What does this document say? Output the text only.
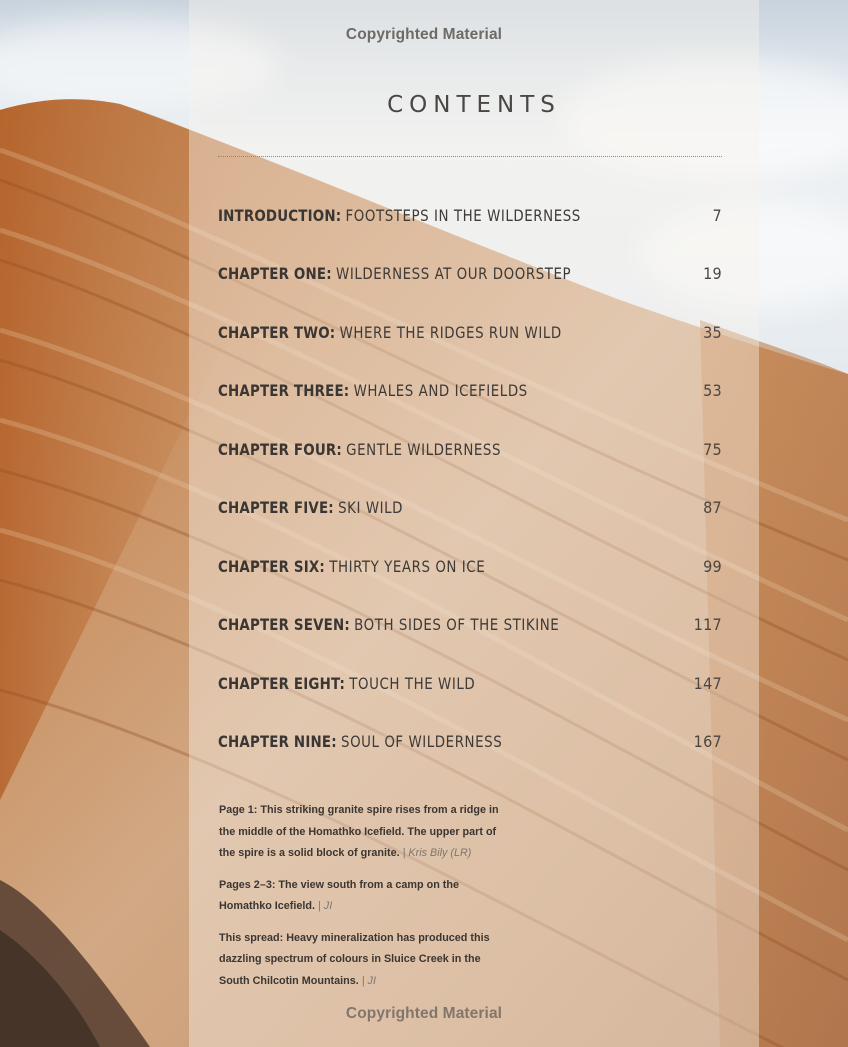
Copyrighted Material
CONTENTS
INTRODUCTION: FOOTSTEPS IN THE WILDERNESS	7
CHAPTER ONE: WILDERNESS AT OUR DOORSTEP	19
CHAPTER TWO: WHERE THE RIDGES RUN WILD	35
CHAPTER THREE: WHALES AND ICEFIELDS	53
CHAPTER FOUR: GENTLE WILDERNESS	75
CHAPTER FIVE: SKI WILD	87
CHAPTER SIX: THIRTY YEARS ON ICE	99
CHAPTER SEVEN: BOTH SIDES OF THE STIKINE	117
CHAPTER EIGHT: TOUCH THE WILD	147
CHAPTER NINE: SOUL OF WILDERNESS	167

Page 1: This striking granite spire rises from a ridge in the middle of the Homathko Icefield. The upper part of the spire is a solid block of granite. | Kris Bily (LR)

Pages 2–3: The view south from a camp on the Homathko Icefield. | JI

This spread: Heavy mineralization has produced this dazzling spectrum of colours in Sluice Creek in the South Chilcotin Mountains. | JI

Copyrighted Material
